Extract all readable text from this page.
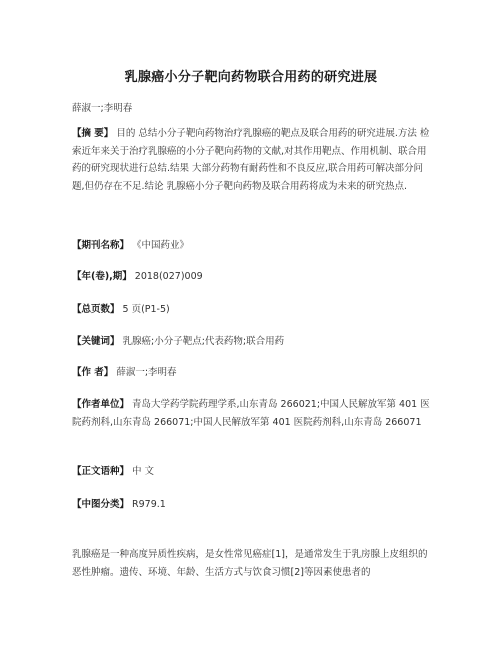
乳腺癌小分子靶向药物联合用药的研究进展
薛淑一;李明春
【摘 要】 目的 总结小分子靶向药物治疗乳腺癌的靶点及联合用药的研究进展.方法 检索近年来关于治疗乳腺癌的小分子靶向药物的文献,对其作用靶点、作用机制、联合用药的研究现状进行总结.结果 大部分药物有耐药性和不良反应,联合用药可解决部分问题,但仍存在不足.结论 乳腺癌小分子靶向药物及联合用药将成为未来的研究热点.
【期刊名称】 《中国药业》
【年(卷),期】 2018(027)009
【总页数】 5 页(P1-5)
【关键词】 乳腺癌;小分子靶点;代表药物;联合用药
【作 者】 薛淑一;李明春
【作者单位】 青岛大学药学院药理学系,山东青岛 266021;中国人民解放军第 401 医院药剂科,山东青岛 266071;中国人民解放军第 401 医院药剂科,山东青岛 266071
【正文语种】 中 文
【中图分类】 R979.1
乳腺癌是一种高度异质性疾病，是女性常见癌症[1]，是通常发生于乳房腺上皮组织的恶性肿瘤。遗传、环境、年龄、生活方式与饮食习惯[2]等因素使患者的
